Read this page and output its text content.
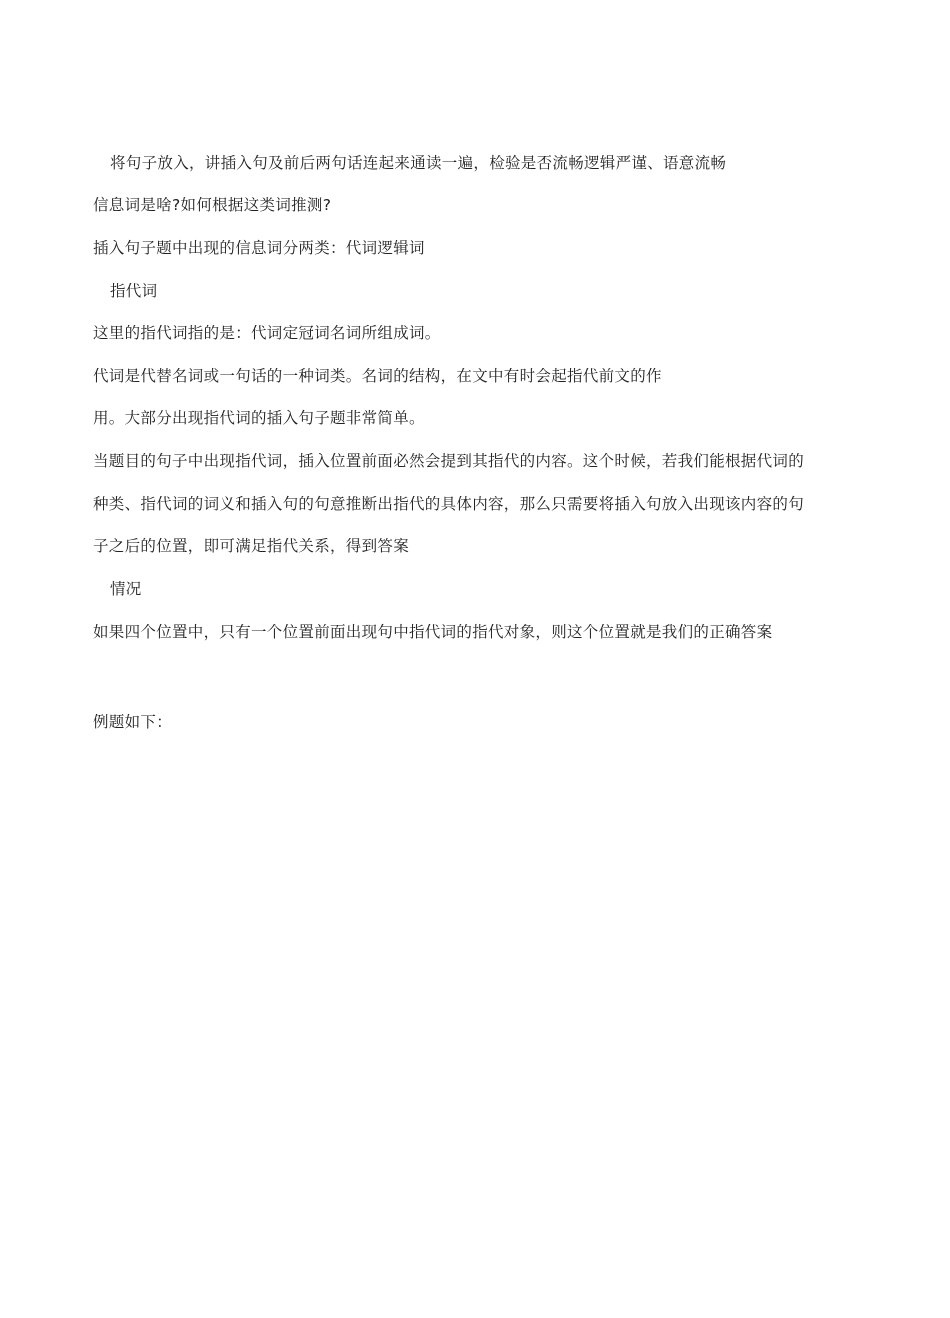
将句子放入，讲插入句及前后两句话连起来通读一遍，检验是否流畅逻辑严谨、语意流畅
信息词是啥?如何根据这类词推测?
插入句子题中出现的信息词分两类：代词逻辑词
指代词
这里的指代词指的是：代词定冠词名词所组成词。
代词是代替名词或一句话的一种词类。名词的结构，在文中有时会起指代前文的作
用。大部分出现指代词的插入句子题非常简单。
当题目的句子中出现指代词，插入位置前面必然会提到其指代的内容。这个时候，若我们能根据代词的
种类、指代词的词义和插入句的句意推断出指代的具体内容，那么只需要将插入句放入出现该内容的句
子之后的位置，即可满足指代关系，得到答案
情况
如果四个位置中，只有一个位置前面出现句中指代词的指代对象，则这个位置就是我们的正确答案
例题如下：
